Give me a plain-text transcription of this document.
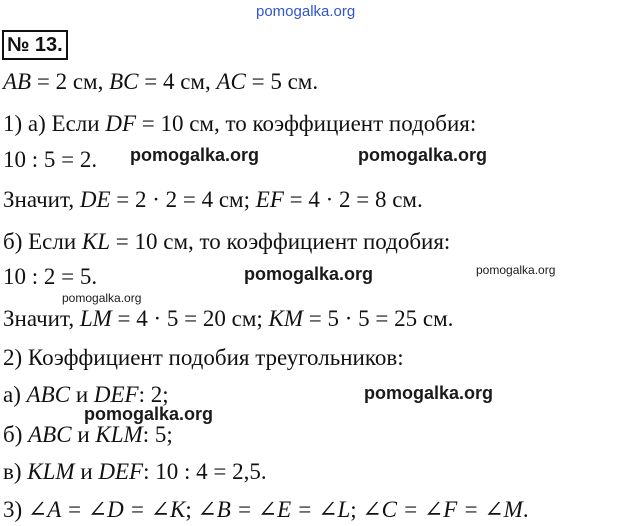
pomogalka.org
№ 13.
AB = 2 см, BC = 4 см, AC = 5 см.
1) а) Если DF = 10 см, то коэффициент подобия:
10 : 5 = 2. pomogalka.org	pomogalka.org
Значит, DE = 2 · 2 = 4 см; EF = 4 · 2 = 8 см.
б) Если KL = 10 см, то коэффициент подобия:
10 : 2 = 5.	pomogalka.org	pomogalka.org
pomogalka.org
Значит, LM = 4 · 5 = 20 см; KM = 5 · 5 = 25 см.
2) Коэффициент подобия треугольников:
а) ABC и DEF: 2;	pomogalka.org
pomogalka.org
б) ABC и KLM: 5;
в) KLM и DEF: 10 : 4 = 2,5.
3) ∠A = ∠D = ∠K; ∠B = ∠E = ∠L; ∠C = ∠F = ∠M.
